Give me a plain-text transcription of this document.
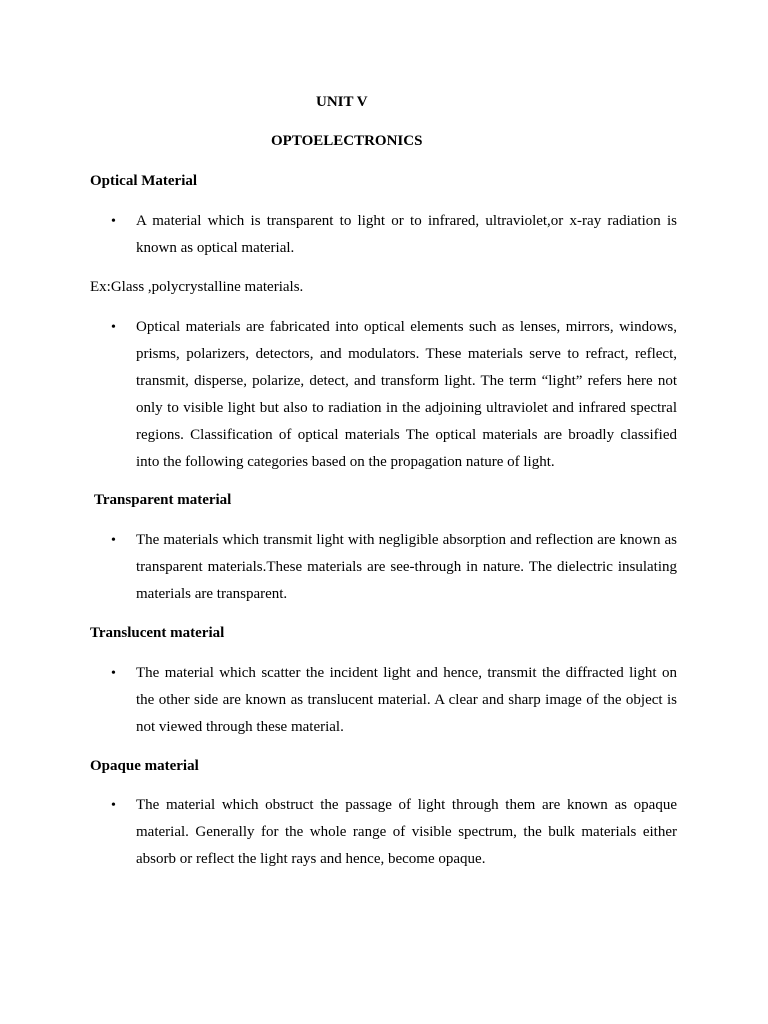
UNIT V
OPTOELECTRONICS
Optical Material
• A material which is transparent to light or to infrared, ultraviolet,or x-ray radiation is known as optical material.

Ex:Glass ,polycrystalline materials.
• Optical materials are fabricated into optical elements such as lenses, mirrors, windows, prisms, polarizers, detectors, and modulators. These materials serve to refract, reflect, transmit, disperse, polarize, detect, and transform light. The term “light” refers here not only to visible light but also to radiation in the adjoining ultraviolet and infrared spectral regions. Classification of optical materials The optical materials are broadly classified into the following categories based on the propagation nature of light.

Transparent material
• The materials which transmit light with negligible absorption and reflection are known as transparent materials.These materials are see-through in nature. The dielectric insulating materials are transparent.

Translucent material
• The material which scatter the incident light and hence, transmit the diffracted light on the other side are known as translucent material. A clear and sharp image of the object is not viewed through these material.

Opaque material
• The material which obstruct the passage of light through them are known as opaque material. Generally for the whole range of visible spectrum, the bulk materials either absorb or reflect the light rays and hence, become opaque.
